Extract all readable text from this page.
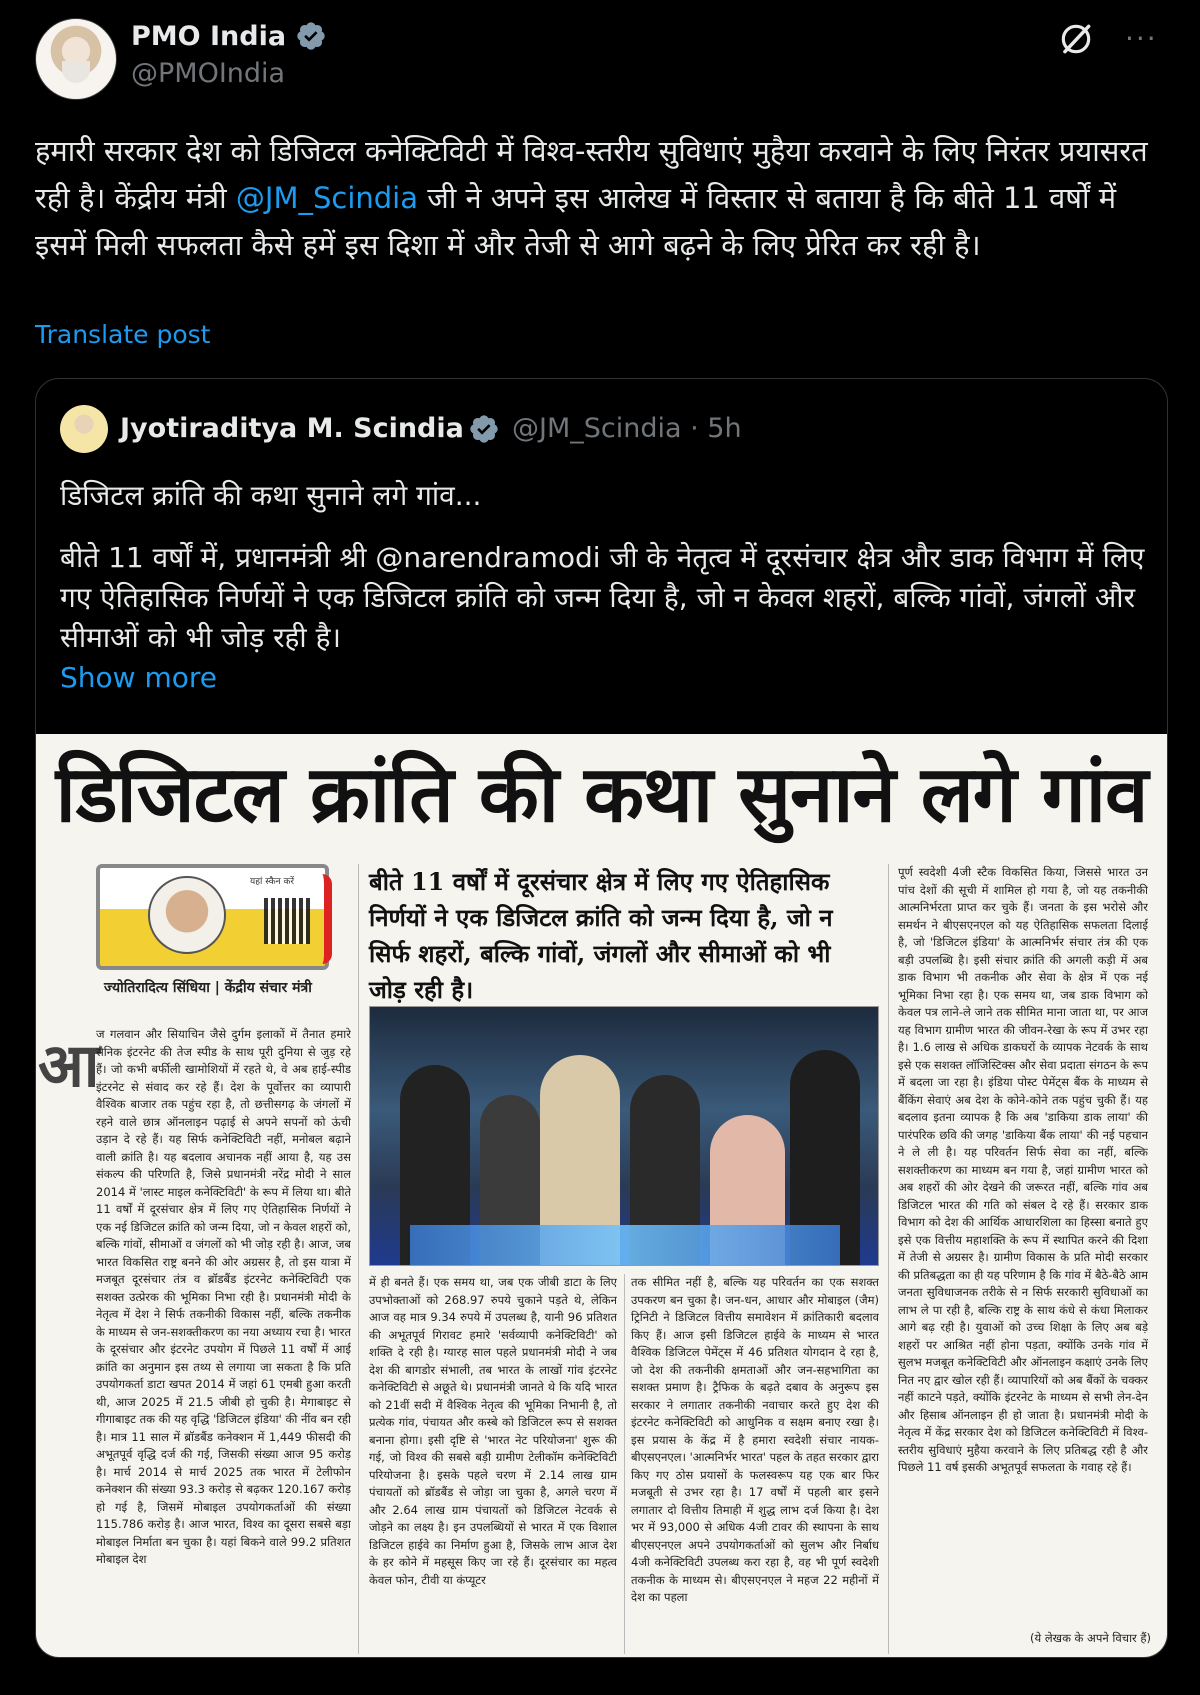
PMO India
@PMOIndia
···
हमारी सरकार देश को डिजिटल कनेक्टिविटी में विश्व-स्तरीय सुविधाएं मुहैया करवाने के लिए निरंतर प्रयासरत रही है। केंद्रीय मंत्री @JM_Scindia जी ने अपने इस आलेख में विस्तार से बताया है कि बीते 11 वर्षों में इसमें मिली सफलता कैसे हमें इस दिशा में और तेजी से आगे बढ़ने के लिए प्रेरित कर रही है।
Translate post
Jyotiraditya M. Scindia @JM_Scindia · 5h
डिजिटल क्रांति की कथा सुनाने लगे गांव...
बीते 11 वर्षों में, प्रधानमंत्री श्री @narendramodi जी के नेतृत्व में दूरसंचार क्षेत्र और डाक विभाग में लिए गए ऐतिहासिक निर्णयों ने एक डिजिटल क्रांति को जन्म दिया है, जो न केवल शहरों, बल्कि गांवों, जंगलों और सीमाओं को भी जोड़ रही है।
Show more
डिजिटल क्रांति की कथा सुनाने लगे गांव
यहां स्कैन करें
ज्योतिरादित्य सिंधिया | केंद्रीय संचार मंत्री
बीते 11 वर्षों में दूरसंचार क्षेत्र में लिए गए ऐतिहासिक निर्णयों ने एक डिजिटल क्रांति को जन्म दिया है, जो न सिर्फ शहरों, बल्कि गांवों, जंगलों और सीमाओं को भी जोड़ रही है।
आ
ज गलवान और सियाचिन जैसे दुर्गम इलाकों में तैनात हमारे सैनिक इंटरनेट की तेज स्पीड के साथ पूरी दुनिया से जुड़ रहे हैं। जो कभी बर्फीली खामोशियों में रहते थे, वे अब हाई-स्पीड इंटरनेट से संवाद कर रहे हैं। देश के पूर्वोत्तर का व्यापारी वैश्विक बाजार तक पहुंच रहा है, तो छत्तीसगढ़ के जंगलों में रहने वाले छात्र ऑनलाइन पढ़ाई से अपने सपनों को ऊंची उड़ान दे रहे हैं। यह सिर्फ कनेक्टिविटी नहीं, मनोबल बढ़ाने वाली क्रांति है। यह बदलाव अचानक नहीं आया है, यह उस संकल्प की परिणति है, जिसे प्रधानमंत्री नरेंद्र मोदी ने साल 2014 में 'लास्ट माइल कनेक्टिविटी' के रूप में लिया था। बीते 11 वर्षों में दूरसंचार क्षेत्र में लिए गए ऐतिहासिक निर्णयों ने एक नई डिजिटल क्रांति को जन्म दिया, जो न केवल शहरों को, बल्कि गांवों, सीमाओं व जंगलों को भी जोड़ रही है। आज, जब भारत विकसित राष्ट्र बनने की ओर अग्रसर है, तो इस यात्रा में मजबूत दूरसंचार तंत्र व ब्रॉडबैंड इंटरनेट कनेक्टिविटी एक सशक्त उत्प्रेरक की भूमिका निभा रही है। प्रधानमंत्री मोदी के नेतृत्व में देश ने सिर्फ तकनीकी विकास नहीं, बल्कि तकनीक के माध्यम से जन-सशक्तीकरण का नया अध्याय रचा है। भारत के दूरसंचार और इंटरनेट उपयोग में पिछले 11 वर्षों में आई क्रांति का अनुमान इस तथ्य से लगाया जा सकता है कि प्रति उपयोगकर्ता डाटा खपत 2014 में जहां 61 एमबी हुआ करती थी, आज 2025 में 21.5 जीबी हो चुकी है। मेगाबाइट से गीगाबाइट तक की यह वृद्धि 'डिजिटल इंडिया' की नींव बन रही है। मात्र 11 साल में ब्रॉडबैंड कनेक्शन में 1,449 फीसदी की अभूतपूर्व वृद्धि दर्ज की गई, जिसकी संख्या आज 95 करोड़ है। मार्च 2014 से मार्च 2025 तक भारत में टेलीफोन कनेक्शन की संख्या 93.3 करोड़ से बढ़कर 120.167 करोड़ हो गई है, जिसमें मोबाइल उपयोगकर्ताओं की संख्या 115.786 करोड़ है। आज भारत, विश्व का दूसरा सबसे बड़ा मोबाइल निर्माता बन चुका है। यहां बिकने वाले 99.2 प्रतिशत मोबाइल देश
में ही बनते हैं। एक समय था, जब एक जीबी डाटा के लिए उपभोक्ताओं को 268.97 रुपये चुकाने पड़ते थे, लेकिन आज वह मात्र 9.34 रुपये में उपलब्ध है, यानी 96 प्रतिशत की अभूतपूर्व गिरावट हमारे 'सर्वव्यापी कनेक्टिविटी' को शक्ति दे रही है। ग्यारह साल पहले प्रधानमंत्री मोदी ने जब देश की बागडोर संभाली, तब भारत के लाखों गांव इंटरनेट कनेक्टिविटी से अछूते थे। प्रधानमंत्री जानते थे कि यदि भारत को 21वीं सदी में वैश्विक नेतृत्व की भूमिका निभानी है, तो प्रत्येक गांव, पंचायत और कस्बे को डिजिटल रूप से सशक्त बनाना होगा। इसी दृष्टि से 'भारत नेट परियोजना' शुरू की गई, जो विश्व की सबसे बड़ी ग्रामीण टेलीकॉम कनेक्टिविटी परियोजना है। इसके पहले चरण में 2.14 लाख ग्राम पंचायतों को ब्रॉडबैंड से जोड़ा जा चुका है, अगले चरण में और 2.64 लाख ग्राम पंचायतों को डिजिटल नेटवर्क से जोड़ने का लक्ष्य है। इन उपलब्धियों से भारत में एक विशाल डिजिटल हाईवे का निर्माण हुआ है, जिसके लाभ आज देश के हर कोने में महसूस किए जा रहे हैं। दूरसंचार का महत्व केवल फोन, टीवी या कंप्यूटर
तक सीमित नहीं है, बल्कि यह परिवर्तन का एक सशक्त उपकरण बन चुका है। जन-धन, आधार और मोबाइल (जैम) ट्रिनिटी ने डिजिटल वित्तीय समावेशन में क्रांतिकारी बदलाव किए हैं। आज इसी डिजिटल हाईवे के माध्यम से भारत वैश्विक डिजिटल पेमेंट्स में 46 प्रतिशत योगदान दे रहा है, जो देश की तकनीकी क्षमताओं और जन-सहभागिता का सशक्त प्रमाण है। ट्रैफिक के बढ़ते दबाव के अनुरूप इस सरकार ने लगातार तकनीकी नवाचार करते हुए देश की इंटरनेट कनेक्टिविटी को आधुनिक व सक्षम बनाए रखा है। इस प्रयास के केंद्र में है हमारा स्वदेशी संचार नायक-बीएसएनएल। 'आत्मनिर्भर भारत' पहल के तहत सरकार द्वारा किए गए ठोस प्रयासों के फलस्वरूप यह एक बार फिर मजबूती से उभर रहा है। 17 वर्षों में पहली बार इसने लगातार दो वित्तीय तिमाही में शुद्ध लाभ दर्ज किया है। देश भर में 93,000 से अधिक 4जी टावर की स्थापना के साथ बीएसएनएल अपने उपयोगकर्ताओं को सुलभ और निर्बाध 4जी कनेक्टिविटी उपलब्ध करा रहा है, वह भी पूर्ण स्वदेशी तकनीक के माध्यम से। बीएसएनएल ने महज 22 महीनों में देश का पहला
पूर्ण स्वदेशी 4जी स्टैक विकसित किया, जिससे भारत उन पांच देशों की सूची में शामिल हो गया है, जो यह तकनीकी आत्मनिर्भरता प्राप्त कर चुके हैं। जनता के इस भरोसे और समर्थन ने बीएसएनएल को यह ऐतिहासिक सफलता दिलाई है, जो 'डिजिटल इंडिया' के आत्मनिर्भर संचार तंत्र की एक बड़ी उपलब्धि है। इसी संचार क्रांति की अगली कड़ी में अब डाक विभाग भी तकनीक और सेवा के क्षेत्र में एक नई भूमिका निभा रहा है। एक समय था, जब डाक विभाग को केवल पत्र लाने-ले जाने तक सीमित माना जाता था, पर आज यह विभाग ग्रामीण भारत की जीवन-रेखा के रूप में उभर रहा है। 1.6 लाख से अधिक डाकघरों के व्यापक नेटवर्क के साथ इसे एक सशक्त लॉजिस्टिक्स और सेवा प्रदाता संगठन के रूप में बदला जा रहा है। इंडिया पोस्ट पेमेंट्स बैंक के माध्यम से बैंकिंग सेवाएं अब देश के कोने-कोने तक पहुंच चुकी हैं। यह बदलाव इतना व्यापक है कि अब 'डाकिया डाक लाया' की पारंपरिक छवि की जगह 'डाकिया बैंक लाया' की नई पहचान ने ले ली है। यह परिवर्तन सिर्फ सेवा का नहीं, बल्कि सशक्तीकरण का माध्यम बन गया है, जहां ग्रामीण भारत को अब शहरों की ओर देखने की जरूरत नहीं, बल्कि गांव अब डिजिटल भारत की गति को संबल दे रहे हैं। सरकार डाक विभाग को देश की आर्थिक आधारशिला का हिस्सा बनाते हुए इसे एक वित्तीय महाशक्ति के रूप में स्थापित करने की दिशा में तेजी से अग्रसर है। ग्रामीण विकास के प्रति मोदी सरकार की प्रतिबद्धता का ही यह परिणाम है कि गांव में बैठे-बैठे आम जनता सुविधाजनक तरीके से न सिर्फ सरकारी सुविधाओं का लाभ ले पा रही है, बल्कि राष्ट्र के साथ कंधे से कंधा मिलाकर आगे बढ़ रही है। युवाओं को उच्च शिक्षा के लिए अब बड़े शहरों पर आश्रित नहीं होना पड़ता, क्योंकि उनके गांव में सुलभ मजबूत कनेक्टिविटी और ऑनलाइन कक्षाएं उनके लिए नित नए द्वार खोल रही हैं। व्यापारियों को अब बैंकों के चक्कर नहीं काटने पड़ते, क्योंकि इंटरनेट के माध्यम से सभी लेन-देन और हिसाब ऑनलाइन ही हो जाता है। प्रधानमंत्री मोदी के नेतृत्व में केंद्र सरकार देश को डिजिटल कनेक्टिविटी में विश्व-स्तरीय सुविधाएं मुहैया करवाने के लिए प्रतिबद्ध रही है और पिछले 11 वर्ष इसकी अभूतपूर्व सफलता के गवाह रहे हैं।
(ये लेखक के अपने विचार हैं)
